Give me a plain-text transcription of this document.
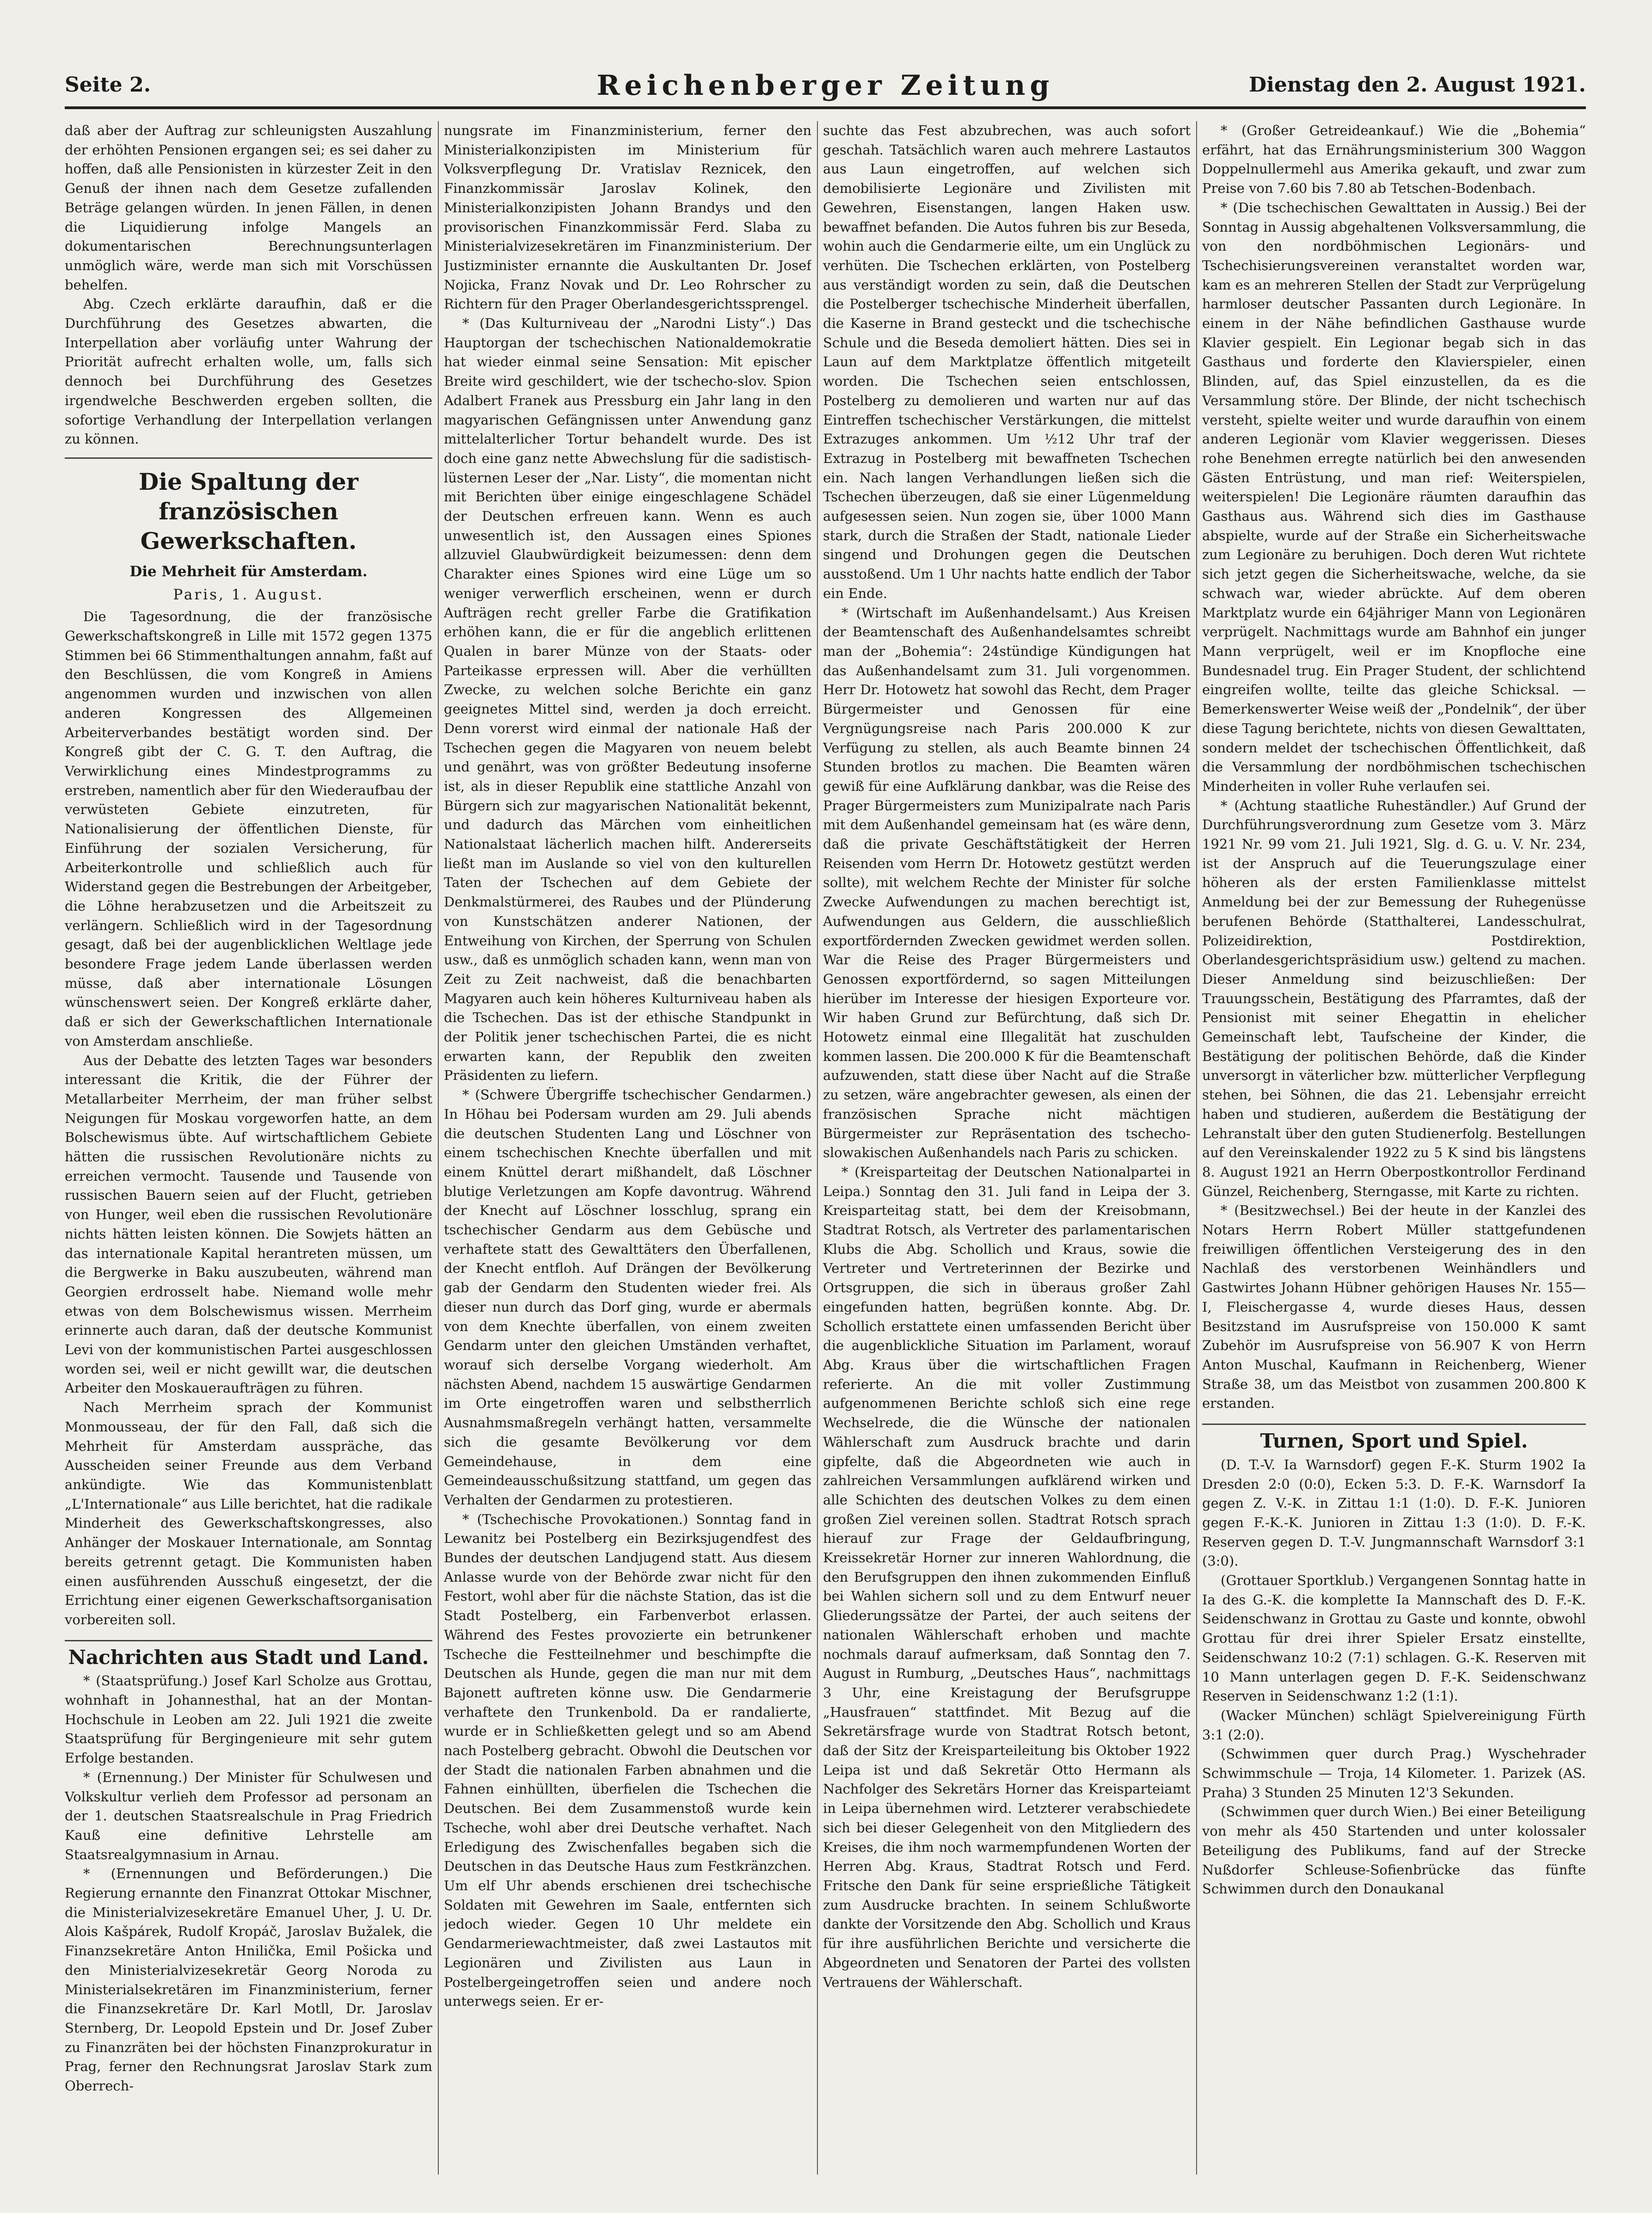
Seite 2.	Reichenberger Zeitung	Dienstag den 2. August 1921.

daß aber der Auftrag zur schleunigsten Auszahlung der erhöhten Pensionen ergangen sei; es sei daher zu hoffen, daß alle Pensionisten in kürzester Zeit in den Genuß der ihnen nach dem Gesetze zufallenden Beträge gelangen würden. In jenen Fällen, in denen die Liquidierung infolge Mangels an dokumentarischen Berechnungsunterlagen unmöglich wäre, werde man sich mit Vorschüssen behelfen.

Abg. Czech erklärte daraufhin, daß er die Durchführung des Gesetzes abwarten, die Interpellation aber vorläufig unter Wahrung der Priorität aufrecht erhalten wolle, um, falls sich dennoch bei Durchführung des Gesetzes irgendwelche Beschwerden ergeben sollten, die sofortige Verhandlung der Interpellation verlangen zu können.

Die Spaltung der französischen Gewerkschaften.
Die Mehrheit für Amsterdam.
Paris, 1. August.

Die Tagesordnung, die der französische Gewerkschaftskongreß in Lille mit 1572 gegen 1375 Stimmen bei 66 Stimmenthaltungen annahm, faßt auf den Beschlüssen, die vom Kongreß in Amiens angenommen wurden und inzwischen von allen anderen Kongressen des Allgemeinen Arbeiterverbandes bestätigt worden sind. Der Kongreß gibt der C. G. T. den Auftrag, die Verwirklichung eines Mindestprogramms zu erstreben, namentlich aber für den Wiederaufbau der verwüsteten Gebiete einzutreten, für Nationalisierung der öffentlichen Dienste, für Einführung der sozialen Versicherung, für Arbeiterkontrolle und schließlich auch für Widerstand gegen die Bestrebungen der Arbeitgeber, die Löhne herabzusetzen und die Arbeitszeit zu verlängern. Schließlich wird in der Tagesordnung gesagt, daß bei der augenblicklichen Weltlage jede besondere Frage jedem Lande überlassen werden müsse, daß aber internationale Lösungen wünschenswert seien. Der Kongreß erklärte daher, daß er sich der Gewerkschaftlichen Internationale von Amsterdam anschließe.

Aus der Debatte des letzten Tages war besonders interessant die Kritik, die der Führer der Metallarbeiter Merrheim, der man früher selbst Neigungen für Moskau vorgeworfen hatte, an dem Bolschewismus übte. Auf wirtschaftlichem Gebiete hätten die russischen Revolutionäre nichts zu erreichen vermocht. Tausende und Tausende von russischen Bauern seien auf der Flucht, getrieben von Hunger, weil eben die russischen Revolutionäre nichts hätten leisten können. Die Sowjets hätten an das internationale Kapital herantreten müssen, um die Bergwerke in Baku auszubeuten, während man Georgien erdrosselt habe. Niemand wolle mehr etwas von dem Bolschewismus wissen. Merrheim erinnerte auch daran, daß der deutsche Kommunist Levi von der kommunistischen Partei ausgeschlossen worden sei, weil er nicht gewillt war, die deutschen Arbeiter den Moskaueraufträgen zu führen.

Nach Merrheim sprach der Kommunist Monmousseau, der für den Fall, daß sich die Mehrheit für Amsterdam ausspräche, das Ausscheiden seiner Freunde aus dem Verband ankündigte. Wie das Kommunistenblatt „L'Internationale“ aus Lille berichtet, hat die radikale Minderheit des Gewerkschaftskongresses, also Anhänger der Moskauer Internationale, am Sonntag bereits getrennt getagt. Die Kommunisten haben einen ausführenden Ausschuß eingesetzt, der die Errichtung einer eigenen Gewerkschaftsorganisation vorbereiten soll.

Nachrichten aus Stadt und Land.

* (Staatsprüfung.) Josef Karl Scholze aus Grottau, wohnhaft in Johannesthal, hat an der Montan-Hochschule in Leoben am 22. Juli 1921 die zweite Staatsprüfung für Bergingenieure mit sehr gutem Erfolge bestanden.

* (Ernennung.) Der Minister für Schulwesen und Volkskultur verlieh dem Professor ad personam an der 1. deutschen Staatsrealschule in Prag Friedrich Kauß eine definitive Lehrstelle am Staatsrealgymnasium in Arnau.

* (Ernennungen und Beförderungen.) Die Regierung ernannte den Finanzrat Ottokar Mischner, die Ministerialvizesekretäre Emanuel Uher, J. U. Dr. Alois Kašpárek, Rudolf Kropáč, Jaroslav Bužalek, die Finanzsekretäre Anton Hnilička, Emil Pošicka und den Ministerialvizesekretär Georg Noroda zu Ministerialsekretären im Finanzministerium, ferner die Finanzsekretäre Dr. Karl Motll, Dr. Jaroslav Sternberg, Dr. Leopold Epstein und Dr. Josef Zuber zu Finanzräten bei der höchsten Finanzprokuratur in Prag, ferner den Rechnungsrat Jaroslav Stark zum Oberrech-

nungsrate im Finanzministerium, ferner den Ministerialkonzipisten im Ministerium für Volksverpflegung Dr. Vratislav Reznicek, den Finanzkommissär Jaroslav Kolinek, den Ministerialkonzipisten Johann Brandys und den provisorischen Finanzkommissär Ferd. Slaba zu Ministerialvizesekretären im Finanzministerium. Der Justizminister ernannte die Auskultanten Dr. Josef Nojicka, Franz Novak und Dr. Leo Rohrscher zu Richtern für den Prager Oberlandesgerichtssprengel.

* (Das Kulturniveau der „Narodni Listy“.) Das Hauptorgan der tschechischen Nationaldemokratie hat wieder einmal seine Sensation: Mit epischer Breite wird geschildert, wie der tschecho-slov. Spion Adalbert Franek aus Pressburg ein Jahr lang in den magyarischen Gefängnissen unter Anwendung ganz mittelalterlicher Tortur behandelt wurde. Des ist doch eine ganz nette Abwechslung für die sadistisch-lüsternen Leser der „Nar. Listy“, die momentan nicht mit Berichten über einige eingeschlagene Schädel der Deutschen erfreuen kann. Wenn es auch unwesentlich ist, den Aussagen eines Spiones allzuviel Glaubwürdigkeit beizumessen: denn dem Charakter eines Spiones wird eine Lüge um so weniger verwerflich erscheinen, wenn er durch Aufträgen recht greller Farbe die Gratifikation erhöhen kann, die er für die angeblich erlittenen Qualen in barer Münze von der Staats- oder Parteikasse erpressen will. Aber die verhüllten Zwecke, zu welchen solche Berichte ein ganz geeignetes Mittel sind, werden ja doch erreicht. Denn vorerst wird einmal der nationale Haß der Tschechen gegen die Magyaren von neuem belebt und genährt, was von größter Bedeutung insoferne ist, als in dieser Republik eine stattliche Anzahl von Bürgern sich zur magyarischen Nationalität bekennt, und dadurch das Märchen vom einheitlichen Nationalstaat lächerlich machen hilft. Andererseits ließt man im Auslande so viel von den kulturellen Taten der Tschechen auf dem Gebiete der Denkmalstürmerei, des Raubes und der Plünderung von Kunstschätzen anderer Nationen, der Entweihung von Kirchen, der Sperrung von Schulen usw., daß es unmöglich schaden kann, wenn man von Zeit zu Zeit nachweist, daß die benachbarten Magyaren auch kein höheres Kulturniveau haben als die Tschechen. Das ist der ethische Standpunkt in der Politik jener tschechischen Partei, die es nicht erwarten kann, der Republik den zweiten Präsidenten zu liefern.

* (Schwere Übergriffe tschechischer Gendarmen.) In Höhau bei Podersam wurden am 29. Juli abends die deutschen Studenten Lang und Löschner von einem tschechischen Knechte überfallen und mit einem Knüttel derart mißhandelt, daß Löschner blutige Verletzungen am Kopfe davontrug. Während der Knecht auf Löschner losschlug, sprang ein tschechischer Gendarm aus dem Gebüsche und verhaftete statt des Gewalttäters den Überfallenen, der Knecht entfloh. Auf Drängen der Bevölkerung gab der Gendarm den Studenten wieder frei. Als dieser nun durch das Dorf ging, wurde er abermals von dem Knechte überfallen, von einem zweiten Gendarm unter den gleichen Umständen verhaftet, worauf sich derselbe Vorgang wiederholt. Am nächsten Abend, nachdem 15 auswärtige Gendarmen im Orte eingetroffen waren und selbstherrlich Ausnahmsmaßregeln verhängt hatten, versammelte sich die gesamte Bevölkerung vor dem Gemeindehause, in dem eine Gemeindeausschußsitzung stattfand, um gegen das Verhalten der Gendarmen zu protestieren.

* (Tschechische Provokationen.) Sonntag fand in Lewanitz bei Postelberg ein Bezirksjugendfest des Bundes der deutschen Landjugend statt. Aus diesem Anlasse wurde von der Behörde zwar nicht für den Festort, wohl aber für die nächste Station, das ist die Stadt Postelberg, ein Farbenverbot erlassen. Während des Festes provozierte ein betrunkener Tscheche die Festteilnehmer und beschimpfte die Deutschen als Hunde, gegen die man nur mit dem Bajonett auftreten könne usw. Die Gendarmerie verhaftete den Trunkenbold. Da er randalierte, wurde er in Schließketten gelegt und so am Abend nach Postelberg gebracht. Obwohl die Deutschen vor der Stadt die nationalen Farben abnahmen und die Fahnen einhüllten, überfielen die Tschechen die Deutschen. Bei dem Zusammenstoß wurde kein Tscheche, wohl aber drei Deutsche verhaftet. Nach Erledigung des Zwischenfalles begaben sich die Deutschen in das Deutsche Haus zum Festkränzchen. Um elf Uhr abends erschienen drei tschechische Soldaten mit Gewehren im Saale, entfernten sich jedoch wieder. Gegen 10 Uhr meldete ein Gendarmeriewachtmeister, daß zwei Lastautos mit Legionären und Zivilisten aus Laun in Postelbergeingetroffen seien und andere noch unterwegs seien. Er er-

suchte das Fest abzubrechen, was auch sofort geschah. Tatsächlich waren auch mehrere Lastautos aus Laun eingetroffen, auf welchen sich demobilisierte Legionäre und Zivilisten mit Gewehren, Eisenstangen, langen Haken usw. bewaffnet befanden. Die Autos fuhren bis zur Beseda, wohin auch die Gendarmerie eilte, um ein Unglück zu verhüten. Die Tschechen erklärten, von Postelberg aus verständigt worden zu sein, daß die Deutschen die Postelberger tschechische Minderheit überfallen, die Kaserne in Brand gesteckt und die tschechische Schule und die Beseda demoliert hätten. Dies sei in Laun auf dem Marktplatze öffentlich mitgeteilt worden. Die Tschechen seien entschlossen, Postelberg zu demolieren und warten nur auf das Eintreffen tschechischer Verstärkungen, die mittelst Extrazuges ankommen. Um ½12 Uhr traf der Extrazug in Postelberg mit bewaffneten Tschechen ein. Nach langen Verhandlungen ließen sich die Tschechen überzeugen, daß sie einer Lügenmeldung aufgesessen seien. Nun zogen sie, über 1000 Mann stark, durch die Straßen der Stadt, nationale Lieder singend und Drohungen gegen die Deutschen ausstoßend. Um 1 Uhr nachts hatte endlich der Tabor ein Ende.

* (Wirtschaft im Außenhandelsamt.) Aus Kreisen der Beamtenschaft des Außenhandelsamtes schreibt man der „Bohemia“: 24stündige Kündigungen hat das Außenhandelsamt zum 31. Juli vorgenommen. Herr Dr. Hotowetz hat sowohl das Recht, dem Prager Bürgermeister und Genossen für eine Vergnügungsreise nach Paris 200.000 K zur Verfügung zu stellen, als auch Beamte binnen 24 Stunden brotlos zu machen. Die Beamten wären gewiß für eine Aufklärung dankbar, was die Reise des Prager Bürgermeisters zum Munizipalrate nach Paris mit dem Außenhandel gemeinsam hat (es wäre denn, daß die private Geschäftstätigkeit der Herren Reisenden vom Herrn Dr. Hotowetz gestützt werden sollte), mit welchem Rechte der Minister für solche Zwecke Aufwendungen zu machen berechtigt ist, Aufwendungen aus Geldern, die ausschließlich exportfördernden Zwecken gewidmet werden sollen. War die Reise des Prager Bürgermeisters und Genossen exportfördernd, so sagen Mitteilungen hierüber im Interesse der hiesigen Exporteure vor. Wir haben Grund zur Befürchtung, daß sich Dr. Hotowetz einmal eine Illegalität hat zuschulden kommen lassen. Die 200.000 K für die Beamtenschaft aufzuwenden, statt diese über Nacht auf die Straße zu setzen, wäre angebrachter gewesen, als einen der französischen Sprache nicht mächtigen Bürgermeister zur Repräsentation des tschecho-slowakischen Außenhandels nach Paris zu schicken.

* (Kreisparteitag der Deutschen Nationalpartei in Leipa.) Sonntag den 31. Juli fand in Leipa der 3. Kreisparteitag statt, bei dem der Kreisobmann, Stadtrat Rotsch, als Vertreter des parlamentarischen Klubs die Abg. Schollich und Kraus, sowie die Vertreter und Vertreterinnen der Bezirke und Ortsgruppen, die sich in überaus großer Zahl eingefunden hatten, begrüßen konnte. Abg. Dr. Schollich erstattete einen umfassenden Bericht über die augenblickliche Situation im Parlament, worauf Abg. Kraus über die wirtschaftlichen Fragen referierte. An die mit voller Zustimmung aufgenommenen Berichte schloß sich eine rege Wechselrede, die die Wünsche der nationalen Wählerschaft zum Ausdruck brachte und darin gipfelte, daß die Abgeordneten wie auch in zahlreichen Versammlungen aufklärend wirken und alle Schichten des deutschen Volkes zu dem einen großen Ziel vereinen sollen. Stadtrat Rotsch sprach hierauf zur Frage der Geldaufbringung, Kreissekretär Horner zur inneren Wahlordnung, die den Berufsgruppen den ihnen zukommenden Einfluß bei Wahlen sichern soll und zu dem Entwurf neuer Gliederungssätze der Partei, der auch seitens der nationalen Wählerschaft erhoben und machte nochmals darauf aufmerksam, daß Sonntag den 7. August in Rumburg, „Deutsches Haus“, nachmittags 3 Uhr, eine Kreistagung der Berufsgruppe „Hausfrauen“ stattfindet. Mit Bezug auf die Sekretärsfrage wurde von Stadtrat Rotsch betont, daß der Sitz der Kreisparteileitung bis Oktober 1922 Leipa ist und daß Sekretär Otto Hermann als Nachfolger des Sekretärs Horner das Kreisparteiamt in Leipa übernehmen wird. Letzterer verabschiedete sich bei dieser Gelegenheit von den Mitgliedern des Kreises, die ihm noch warmempfundenen Worten der Herren Abg. Kraus, Stadtrat Rotsch und Ferd. Fritsche den Dank für seine ersprießliche Tätigkeit zum Ausdrucke brachten. In seinem Schlußworte dankte der Vorsitzende den Abg. Schollich und Kraus für ihre ausführlichen Berichte und versicherte die Abgeordneten und Senatoren der Partei des vollsten Vertrauens der Wählerschaft.

* (Großer Getreideankauf.) Wie die „Bohemia“ erfährt, hat das Ernährungsministerium 300 Waggon Doppelnullermehl aus Amerika gekauft, und zwar zum Preise von 7.60 bis 7.80 ab Tetschen-Bodenbach.

* (Die tschechischen Gewalttaten in Aussig.) Bei der Sonntag in Aussig abgehaltenen Volksversammlung, die von den nordböhmischen Legionärs- und Tschechisierungsvereinen veranstaltet worden war, kam es an mehreren Stellen der Stadt zur Verprügelung harmloser deutscher Passanten durch Legionäre. In einem in der Nähe befindlichen Gasthause wurde Klavier gespielt. Ein Legionar begab sich in das Gasthaus und forderte den Klavierspieler, einen Blinden, auf, das Spiel einzustellen, da es die Versammlung störe. Der Blinde, der nicht tschechisch versteht, spielte weiter und wurde daraufhin von einem anderen Legionär vom Klavier weggerissen. Dieses rohe Benehmen erregte natürlich bei den anwesenden Gästen Entrüstung, und man rief: Weiterspielen, weiterspielen! Die Legionäre räumten daraufhin das Gasthaus aus. Während sich dies im Gasthause abspielte, wurde auf der Straße ein Sicherheitswache zum Legionäre zu beruhigen. Doch deren Wut richtete sich jetzt gegen die Sicherheitswache, welche, da sie schwach war, wieder abrückte. Auf dem oberen Marktplatz wurde ein 64jähriger Mann von Legionären verprügelt. Nachmittags wurde am Bahnhof ein junger Mann verprügelt, weil er im Knopfloche eine Bundesnadel trug. Ein Prager Student, der schlichtend eingreifen wollte, teilte das gleiche Schicksal. — Bemerkenswerter Weise weiß der „Pondelnik“, der über diese Tagung berichtete, nichts von diesen Gewalttaten, sondern meldet der tschechischen Öffentlichkeit, daß die Versammlung der nordböhmischen tschechischen Minderheiten in voller Ruhe verlaufen sei.

* (Achtung staatliche Ruheständler.) Auf Grund der Durchführungsverordnung zum Gesetze vom 3. März 1921 Nr. 99 vom 21. Juli 1921, Slg. d. G. u. V. Nr. 234, ist der Anspruch auf die Teuerungszulage einer höheren als der ersten Familienklasse mittelst Anmeldung bei der zur Bemessung der Ruhegenüsse berufenen Behörde (Statthalterei, Landesschulrat, Polizeidirektion, Postdirektion, Oberlandesgerichtspräsidium usw.) geltend zu machen. Dieser Anmeldung sind beizuschließen: Der Trauungsschein, Bestätigung des Pfarramtes, daß der Pensionist mit seiner Ehegattin in ehelicher Gemeinschaft lebt, Taufscheine der Kinder, die Bestätigung der politischen Behörde, daß die Kinder unversorgt in väterlicher bzw. mütterlicher Verpflegung stehen, bei Söhnen, die das 21. Lebensjahr erreicht haben und studieren, außerdem die Bestätigung der Lehranstalt über den guten Studienerfolg. Bestellungen auf den Vereinskalender 1922 zu 5 K sind bis längstens 8. August 1921 an Herrn Oberpostkontrollor Ferdinand Günzel, Reichenberg, Sterngasse, mit Karte zu richten.

* (Besitzwechsel.) Bei der heute in der Kanzlei des Notars Herrn Robert Müller stattgefundenen freiwilligen öffentlichen Versteigerung des in den Nachlaß des verstorbenen Weinhändlers und Gastwirtes Johann Hübner gehörigen Hauses Nr. 155—I, Fleischergasse 4, wurde dieses Haus, dessen Besitzstand im Ausrufspreise von 150.000 K samt Zubehör im Ausrufspreise von 56.907 K von Herrn Anton Muschal, Kaufmann in Reichenberg, Wiener Straße 38, um das Meistbot von zusammen 200.800 K erstanden.

Turnen, Sport und Spiel.

(D. T.-V. Ia Warnsdorf) gegen F.-K. Sturm 1902 Ia Dresden 2:0 (0:0), Ecken 5:3. D. F.-K. Warnsdorf Ia gegen Z. V.-K. in Zittau 1:1 (1:0). D. F.-K. Junioren gegen F.-K.-K. Junioren in Zittau 1:3 (1:0). D. F.-K. Reserven gegen D. T.-V. Jungmannschaft Warnsdorf 3:1 (3:0).

(Grottauer Sportklub.) Vergangenen Sonntag hatte in Ia des G.-K. die komplette Ia Mannschaft des D. F.-K. Seidenschwanz in Grottau zu Gaste und konnte, obwohl Grottau für drei ihrer Spieler Ersatz einstellte, Seidenschwanz 10:2 (7:1) schlagen. G.-K. Reserven mit 10 Mann unterlagen gegen D. F.-K. Seidenschwanz Reserven in Seidenschwanz 1:2 (1:1).

(Wacker München) schlägt Spielvereinigung Fürth 3:1 (2:0).

(Schwimmen quer durch Prag.) Wyschehrader Schwimmschule — Troja, 14 Kilometer. 1. Parizek (AS. Praha) 3 Stunden 25 Minuten 12'3 Sekunden.

(Schwimmen quer durch Wien.) Bei einer Beteiligung von mehr als 450 Startenden und unter kolossaler Beteiligung des Publikums, fand auf der Strecke Nußdorfer Schleuse-Sofienbrücke das fünfte Schwimmen durch den Donaukanal
